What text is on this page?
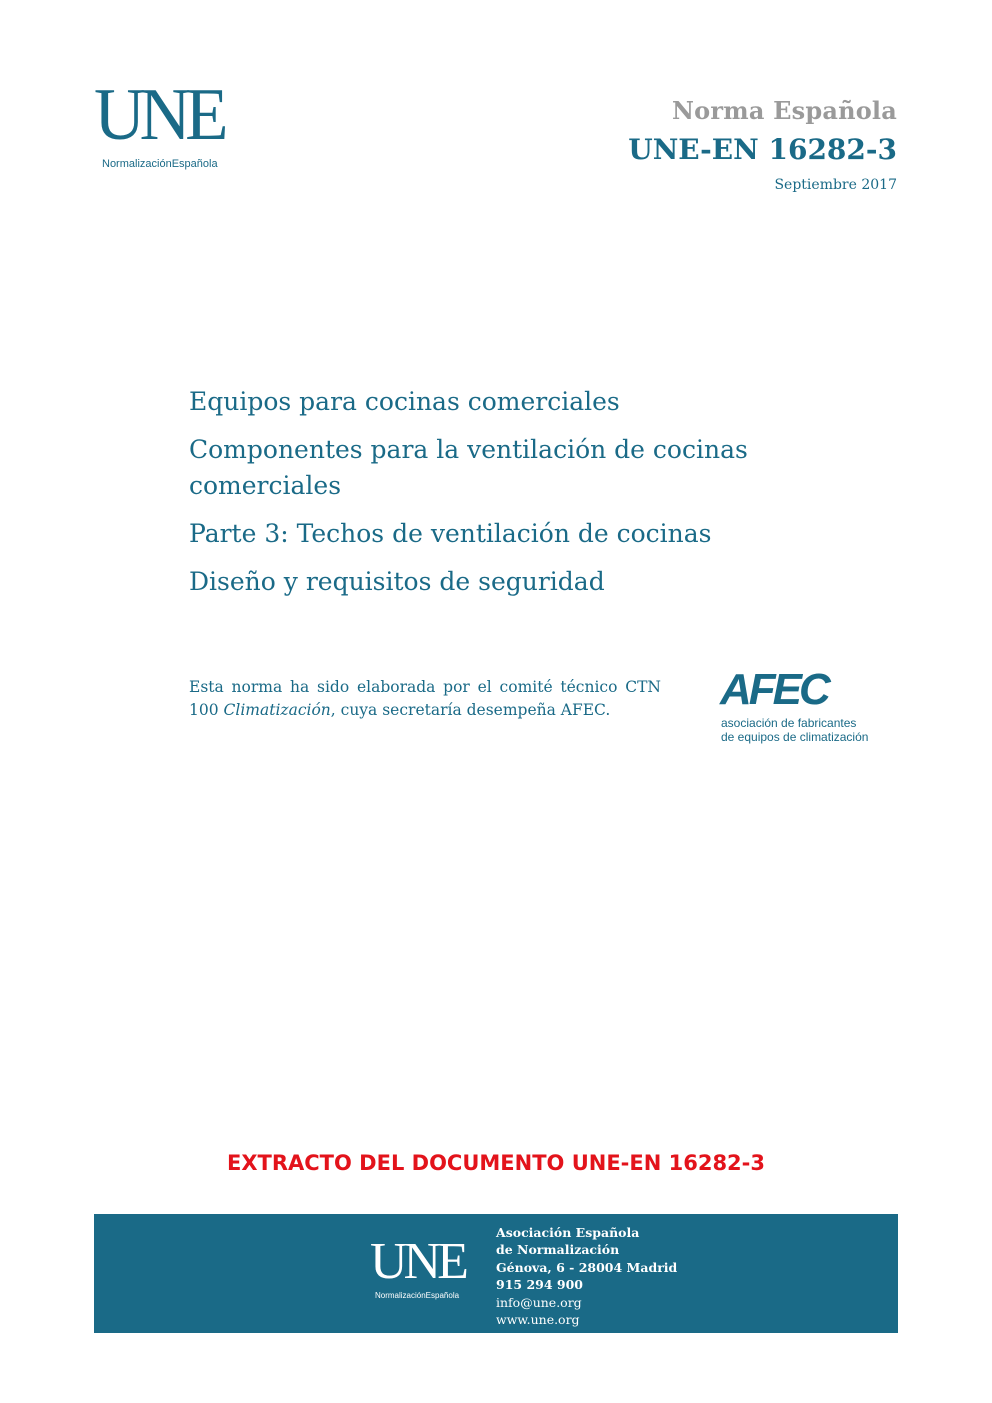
UNE
NormalizaciónEspañola
Norma Española
UNE-EN 16282-3
Septiembre 2017

Equipos para cocinas comerciales

Componentes para la ventilación de cocinas comerciales

Parte 3: Techos de ventilación de cocinas

Diseño y requisitos de seguridad

Esta norma ha sido elaborada por el comité técnico CTN 100 Climatización, cuya secretaría desempeña AFEC.	AFEC
asociación de fabricantes
de equipos de climatización
EXTRACTO DEL DOCUMENTO UNE-EN 16282-3
UNE
NormalizaciónEspañola
Asociación Española
de Normalización
Génova, 6 - 28004 Madrid
915 294 900
info@une.org
www.une.org
